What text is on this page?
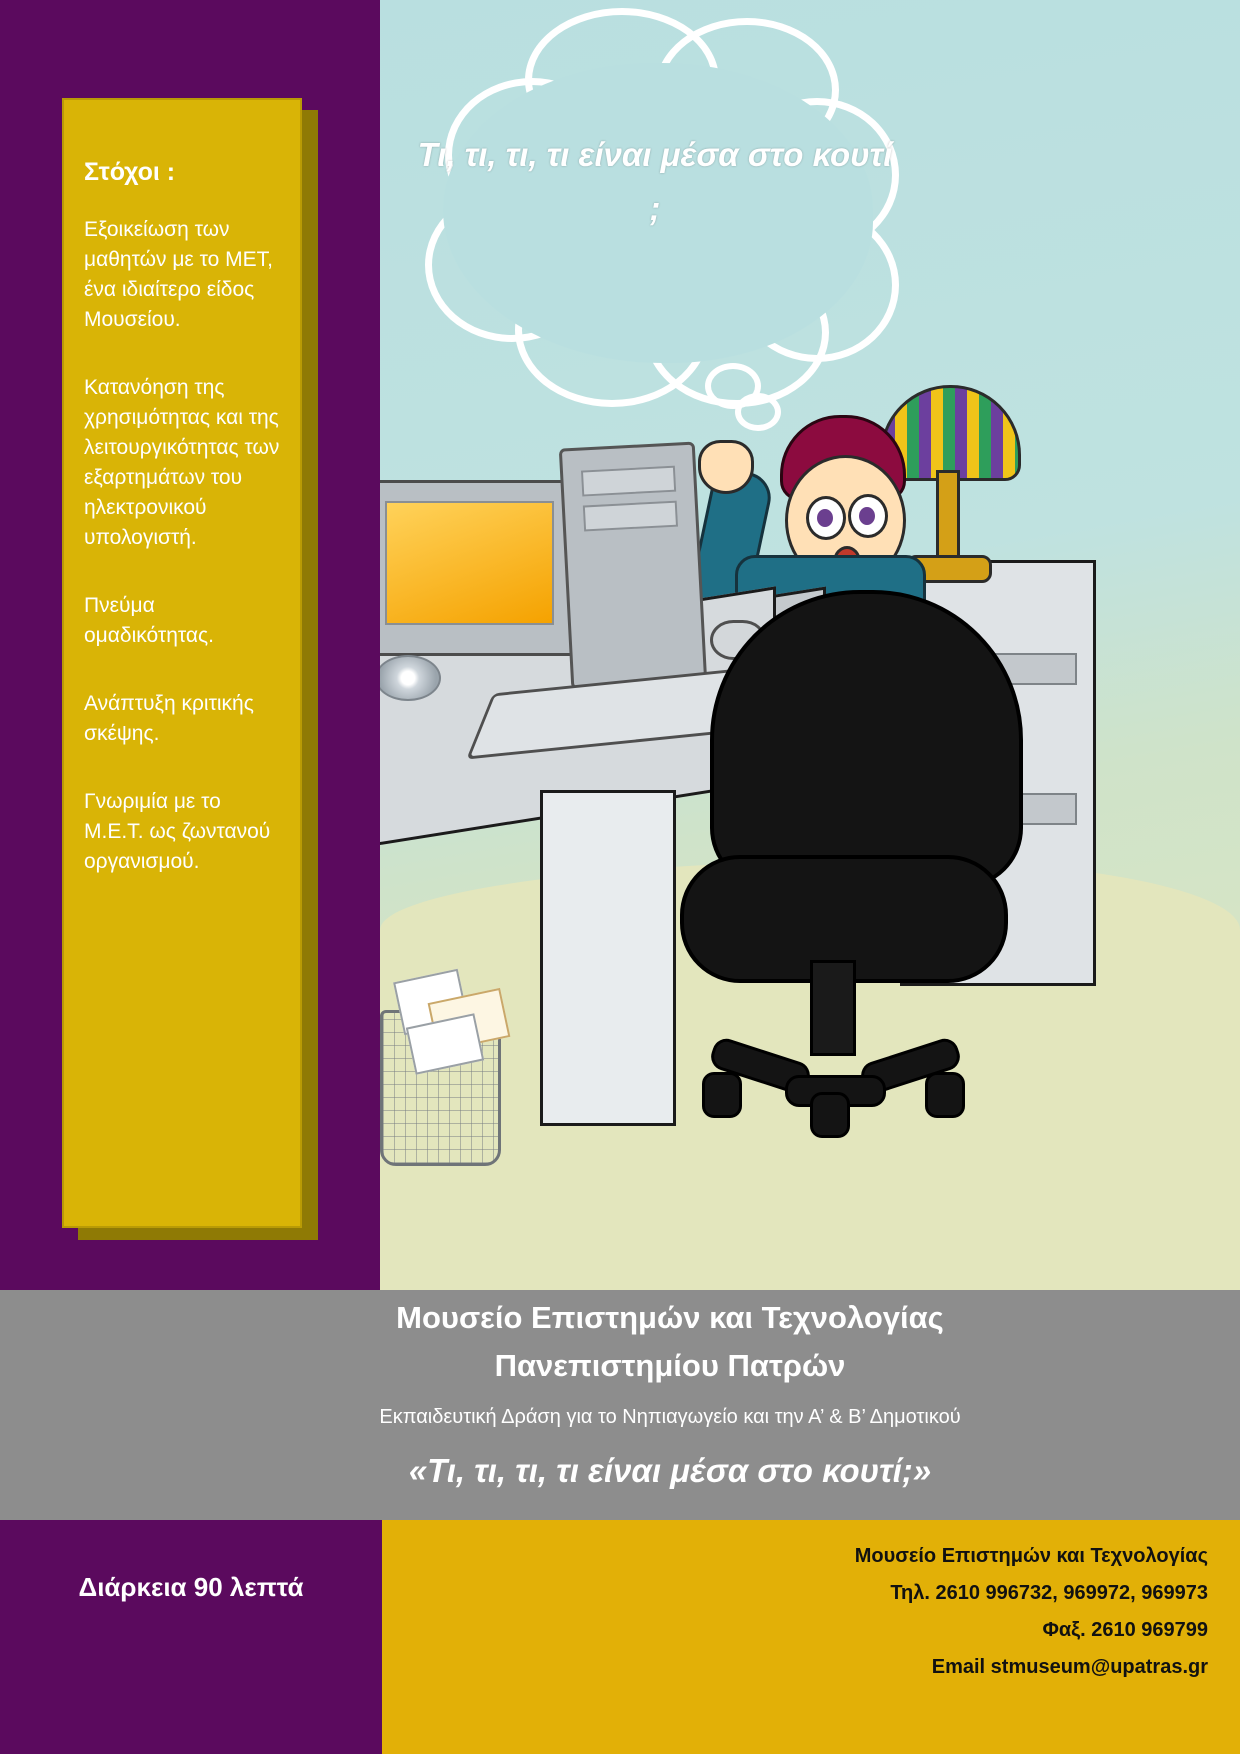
Τι, τι, τι, τι είναι μέσα στο κουτί ;
Στόχοι :

Εξοικείωση των μαθητών με το ΜΕΤ, ένα ιδιαίτερο είδος Μουσείου.

Κατανόηση της χρησιμότητας και της λειτουργικότητας των εξαρτημάτων του ηλεκτρονικού υπολογιστή.

Πνεύμα ομαδικότητας.

Ανάπτυξη κριτικής σκέψης.

Γνωριμία με το Μ.Ε.Τ. ως ζωντανού οργανισμού.

Μουσείο Επιστημών και Τεχνολογίας
Πανεπιστημίου Πατρών
Εκπαιδευτική Δράση για το Νηπιαγωγείο και την Α’ & Β’ Δημοτικού
«Τι, τι, τι, τι είναι μέσα στο κουτί;»
Διάρκεια 90 λεπτά
Μουσείο Επιστημών και Τεχνολογίας
Τηλ. 2610 996732, 969972, 969973
Φαξ. 2610 969799
Email stmuseum@upatras.gr
